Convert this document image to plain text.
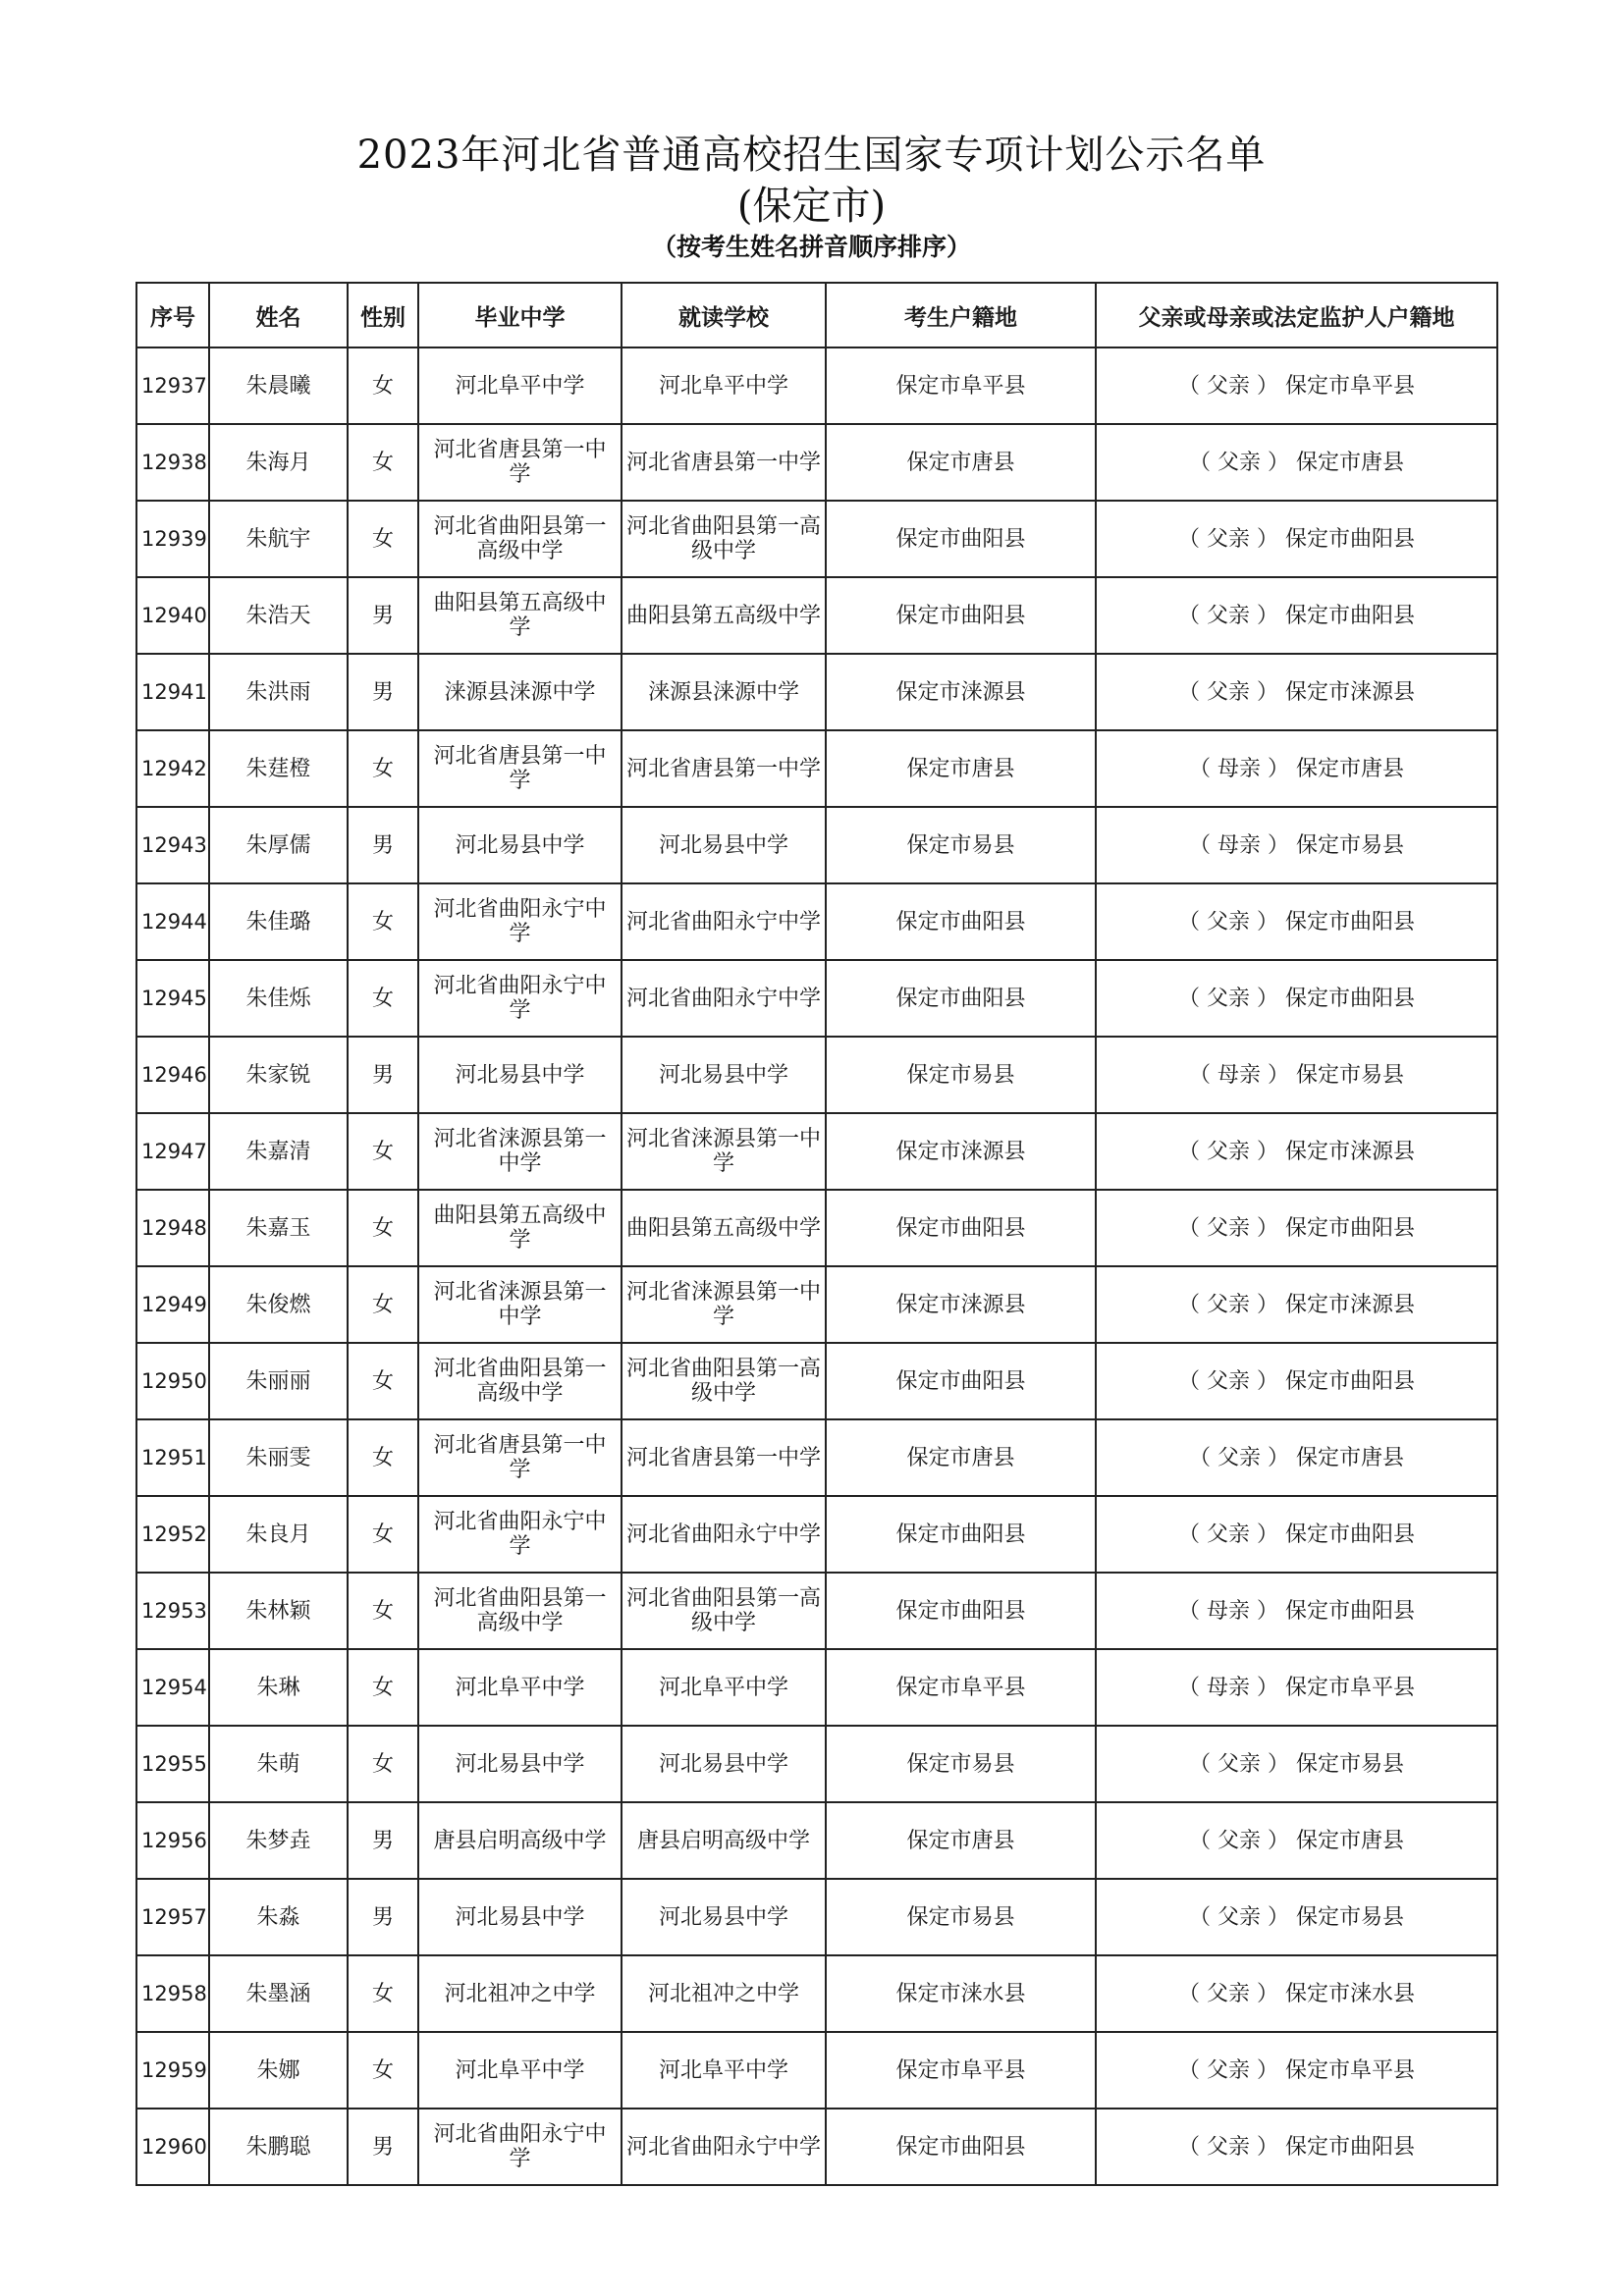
2023年河北省普通高校招生国家专项计划公示名单
(保定市)
（按考生姓名拼音顺序排序）
序号	姓名	性别	毕业中学	就读学校	考生户籍地	父亲或母亲或法定监护人户籍地
12937	朱晨曦	女	河北阜平中学	河北阜平中学	保定市阜平县	（ 父亲 ） 保定市阜平县
12938	朱海月	女	河北省唐县第一中学	河北省唐县第一中学	保定市唐县	（ 父亲 ） 保定市唐县
12939	朱航宇	女	河北省曲阳县第一高级中学	河北省曲阳县第一高级中学	保定市曲阳县	（ 父亲 ） 保定市曲阳县
12940	朱浩天	男	曲阳县第五高级中学	曲阳县第五高级中学	保定市曲阳县	（ 父亲 ） 保定市曲阳县
12941	朱洪雨	男	涞源县涞源中学	涞源县涞源中学	保定市涞源县	（ 父亲 ） 保定市涞源县
12942	朱莛橙	女	河北省唐县第一中学	河北省唐县第一中学	保定市唐县	（ 母亲 ） 保定市唐县
12943	朱厚儒	男	河北易县中学	河北易县中学	保定市易县	（ 母亲 ） 保定市易县
12944	朱佳璐	女	河北省曲阳永宁中学	河北省曲阳永宁中学	保定市曲阳县	（ 父亲 ） 保定市曲阳县
12945	朱佳烁	女	河北省曲阳永宁中学	河北省曲阳永宁中学	保定市曲阳县	（ 父亲 ） 保定市曲阳县
12946	朱家锐	男	河北易县中学	河北易县中学	保定市易县	（ 母亲 ） 保定市易县
12947	朱嘉清	女	河北省涞源县第一中学	河北省涞源县第一中学	保定市涞源县	（ 父亲 ） 保定市涞源县
12948	朱嘉玉	女	曲阳县第五高级中学	曲阳县第五高级中学	保定市曲阳县	（ 父亲 ） 保定市曲阳县
12949	朱俊燃	女	河北省涞源县第一中学	河北省涞源县第一中学	保定市涞源县	（ 父亲 ） 保定市涞源县
12950	朱丽丽	女	河北省曲阳县第一高级中学	河北省曲阳县第一高级中学	保定市曲阳县	（ 父亲 ） 保定市曲阳县
12951	朱丽雯	女	河北省唐县第一中学	河北省唐县第一中学	保定市唐县	（ 父亲 ） 保定市唐县
12952	朱良月	女	河北省曲阳永宁中学	河北省曲阳永宁中学	保定市曲阳县	（ 父亲 ） 保定市曲阳县
12953	朱林颖	女	河北省曲阳县第一高级中学	河北省曲阳县第一高级中学	保定市曲阳县	（ 母亲 ） 保定市曲阳县
12954	朱琳	女	河北阜平中学	河北阜平中学	保定市阜平县	（ 母亲 ） 保定市阜平县
12955	朱萌	女	河北易县中学	河北易县中学	保定市易县	（ 父亲 ） 保定市易县
12956	朱梦垚	男	唐县启明高级中学	唐县启明高级中学	保定市唐县	（ 父亲 ） 保定市唐县
12957	朱淼	男	河北易县中学	河北易县中学	保定市易县	（ 父亲 ） 保定市易县
12958	朱墨涵	女	河北祖冲之中学	河北祖冲之中学	保定市涞水县	（ 父亲 ） 保定市涞水县
12959	朱娜	女	河北阜平中学	河北阜平中学	保定市阜平县	（ 父亲 ） 保定市阜平县
12960	朱鹏聪	男	河北省曲阳永宁中学	河北省曲阳永宁中学	保定市曲阳县	（ 父亲 ） 保定市曲阳县
